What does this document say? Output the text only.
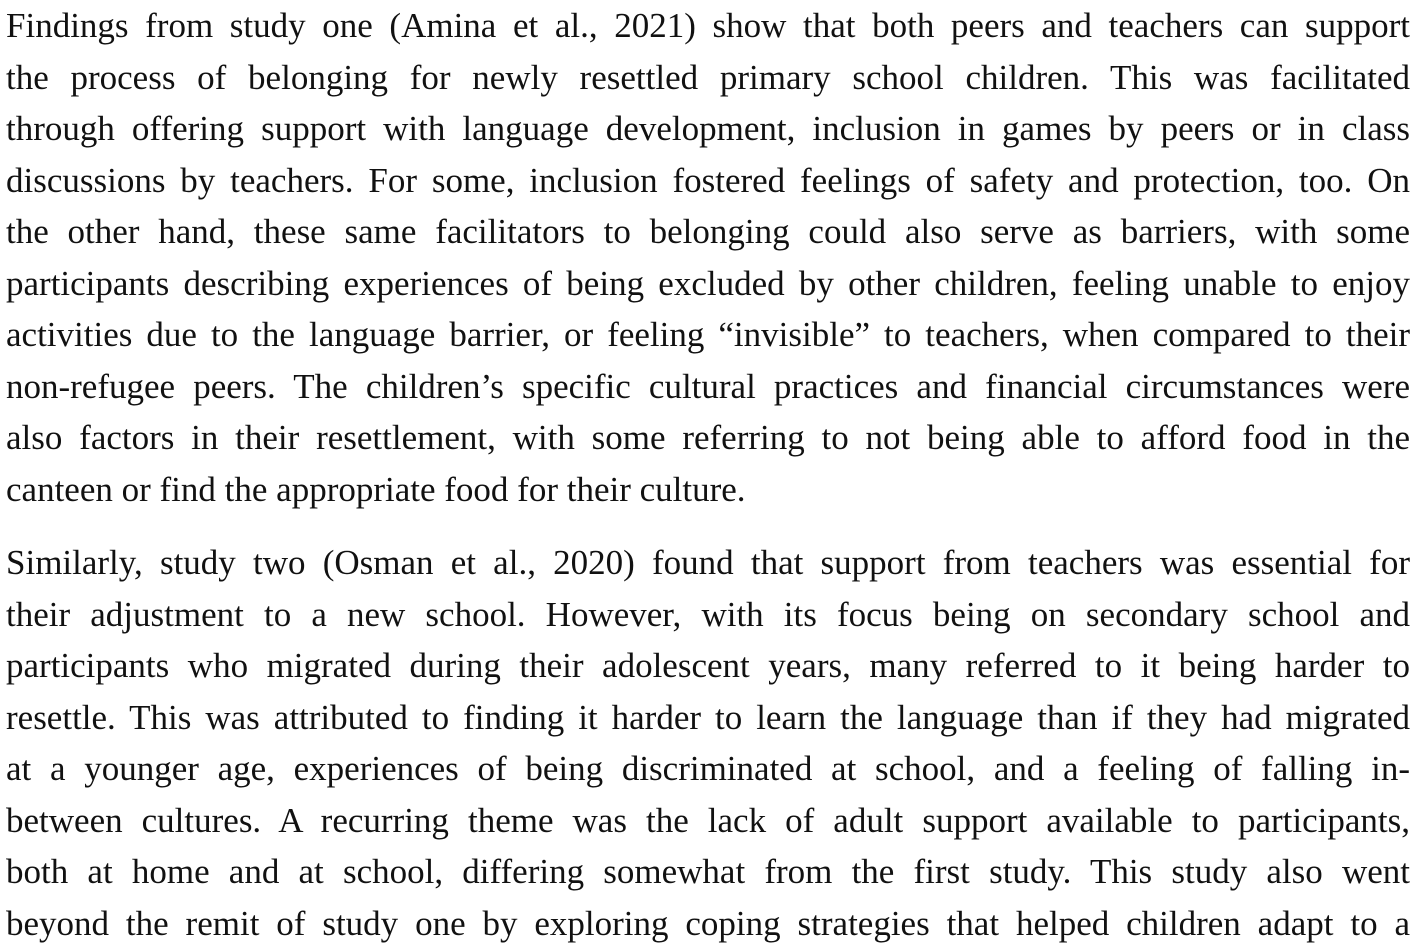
Findings from study one (Amina et al., 2021) show that both peers and teachers can support
the process of belonging for newly resettled primary school children. This was facilitated
through offering support with language development, inclusion in games by peers or in class
discussions by teachers. For some, inclusion fostered feelings of safety and protection, too. On
the other hand, these same facilitators to belonging could also serve as barriers, with some
participants describing experiences of being excluded by other children, feeling unable to enjoy
activities due to the language barrier, or feeling “invisible” to teachers, when compared to their
non-refugee peers. The children’s specific cultural practices and financial circumstances were
also factors in their resettlement, with some referring to not being able to afford food in the
canteen or find the appropriate food for their culture.
Similarly, study two (Osman et al., 2020) found that support from teachers was essential for
their adjustment to a new school. However, with its focus being on secondary school and
participants who migrated during their adolescent years, many referred to it being harder to
resettle. This was attributed to finding it harder to learn the language than if they had migrated
at a younger age, experiences of being discriminated at school, and a feeling of falling in-
between cultures. A recurring theme was the lack of adult support available to participants,
both at home and at school, differing somewhat from the first study. This study also went
beyond the remit of study one by exploring coping strategies that helped children adapt to a
